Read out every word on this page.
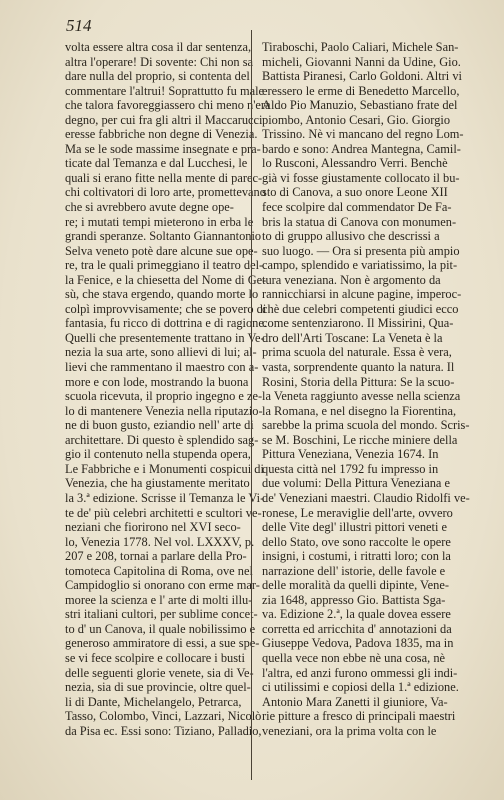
514
volta essere altra cosa il dar sentenza,
altra l'operare! Di sovente: Chi non sa
dare nulla del proprio, si contenta del
commentare l'altrui! Soprattutto fu male
che talora favoreggiassero chi meno n'era
degno, per cui fra gli altri il Maccarucci
eresse fabbriche non degne di Venezia.
Ma se le sode massime insegnate e pra-
ticate dal Temanza e dal Lucchesi, le
quali si erano fitte nella mente di parec-
chi coltivatori di loro arte, promettevano
che si avrebbero avute degne ope-
re; i mutati tempi mieterono in erba le
grandi speranze. Soltanto Giannantonio
Selva veneto potè dare alcune sue ope-
re, tra le quali primeggiano il teatro del-
la Fenice, e la chiesetta del Nome di Ge-
sù, che stava ergendo, quando morte lo
colpì improvvisamente; che se povero di
fantasia, fu ricco di dottrina e di ragione.
Quelli che presentemente trattano in Ve-
nezia la sua arte, sono allievi di lui; al-
lievi che rammentano il maestro con a-
more e con lode, mostrando la buona
scuola ricevuta, il proprio ingegno e ze-
lo di mantenere Venezia nella riputazio-
ne di buon gusto, eziandio nell' arte di
architettare. Di questo è splendido sag-
gio il contenuto nella stupenda opera,
Le Fabbriche e i Monumenti cospicui di
Venezia, che ha giustamente meritato
la 3.ª edizione. Scrisse il Temanza le Vi-
te de' più celebri architetti e scultori ve-
neziani che fiorirono nel XVI seco-
lo, Venezia 1778. Nel vol. LXXXV, p.
207 e 208, tornai a parlare della Pro-
tomoteca Capitolina di Roma, ove nel
Campidoglio si onorano con erme mar-
moree la scienza e l' arte di molti illu-
stri italiani cultori, per sublime concet-
to d' un Canova, il quale nobilissimo e
generoso ammiratore di essi, a sue spe-
se vi fece scolpire e collocare i busti
delle seguenti glorie venete, sia di Ve-
nezia, sia di sue provincie, oltre quel-
li di Dante, Michelangelo, Petrarca,
Tasso, Colombo, Vinci, Lazzari, Nicolò
da Pisa ec. Essi sono: Tiziano, Palladio,
Tiraboschi, Paolo Caliari, Michele San-
micheli, Giovanni Nanni da Udine, Gio.
Battista Piranesi, Carlo Goldoni. Altri vi
eressero le erme di Benedetto Marcello,
Aldo Pio Manuzio, Sebastiano frate del
piombo, Antonio Cesari, Gio. Giorgio
Trissino. Nè vi mancano del regno Lom-
bardo e sono: Andrea Mantegna, Camil-
lo Rusconi, Alessandro Verri. Benchè
già vi fosse giustamente collocato il bu-
sto di Canova, a suo onore Leone XII
fece scolpire dal commendator De Fa-
bris la statua di Canova con monumen-
to di gruppo allusivo che descrissi a
suo luogo. — Ora si presenta più ampio
campo, splendido e variatissimo, la pit-
tura veneziana. Non è argomento da
rannicchiarsi in alcune pagine, imperoc-
chè due celebri competenti giudici ecco
come sentenziarono. Il Missirini, Qua-
dro dell'Arti Toscane: La Veneta è la
prima scuola del naturale. Essa è vera,
vasta, sorprendente quanto la natura. Il
Rosini, Storia della Pittura: Se la scuo-
la Veneta raggiunto avesse nella scienza
la Romana, e nel disegno la Fiorentina,
sarebbe la prima scuola del mondo. Scris-
se M. Boschini, Le ricche miniere della
Pittura Veneziana, Venezia 1674. In
questa città nel 1792 fu impresso in
due volumi: Della Pittura Veneziana e
de' Veneziani maestri. Claudio Ridolfi ve-
ronese, Le meraviglie dell'arte, ovvero
delle Vite degl' illustri pittori veneti e
dello Stato, ove sono raccolte le opere
insigni, i costumi, i ritratti loro; con la
narrazione dell' istorie, delle favole e
delle moralità da quelli dipinte, Vene-
zia 1648, appresso Gio. Battista Sga-
va. Edizione 2.ª, la quale dovea essere
corretta ed arricchita d' annotazioni da
Giuseppe Vedova, Padova 1835, ma in
quella vece non ebbe nè una cosa, nè
l'altra, ed anzi furono ommessi gli indi-
ci utilissimi e copiosi della 1.ª edizione.
Antonio Mara Zanetti il giuniore, Va-
rie pitture a fresco di principali maestri
veneziani, ora la prima volta con le
